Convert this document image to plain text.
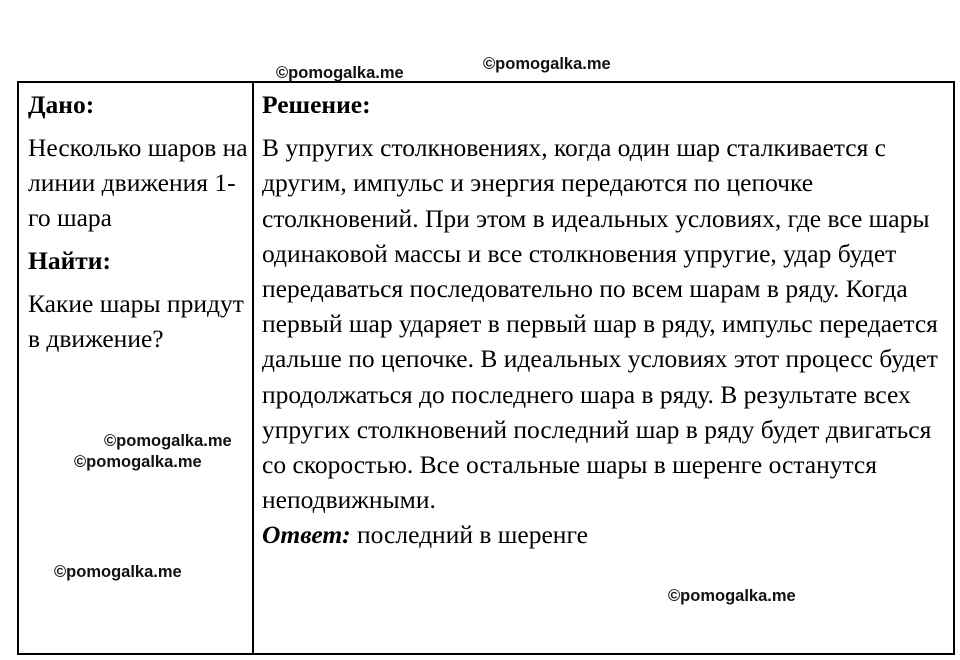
Дано:

Несколько шаров на линии движения 1-го шара

Найти:

Какие шары придут в движение?

Решение:

В упругих столкновениях, когда один шар сталкивается с другим, импульс и энергия передаются по цепочке столкновений. При этом в идеальных условиях, где все шары одинаковой массы и все столкновения упругие, удар будет передаваться последовательно по всем шарам в ряду. Когда первый шар ударяет в первый шар в ряду, импульс передается дальше по цепочке. В идеальных условиях этот процесс будет продолжаться до последнего шара в ряду. В результате всех упругих столкновений последний шар в ряду будет двигаться со скоростью. Все остальные шары в шеренге останутся неподвижными.

Ответ: последний в шеренге
©pomogalka.me	©pomogalka.me
©pomogalka.me
©pomogalka.me
©pomogalka.me
©pomogalka.me
